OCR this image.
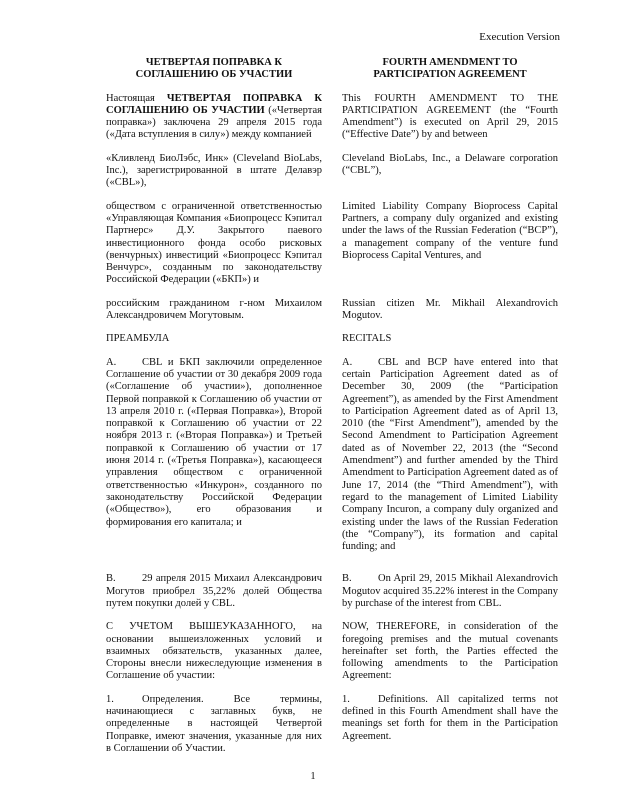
Execution Version
ЧЕТВЕРТАЯ ПОПРАВКА К СОГЛАШЕНИЮ ОБ УЧАСТИИ
FOURTH AMENDMENT TO PARTICIPATION AGREEMENT
Настоящая ЧЕТВЕРТАЯ ПОПРАВКА К СОГЛАШЕНИЮ ОБ УЧАСТИИ («Четвертая поправка») заключена 29 апреля 2015 года («Дата вступления в силу») между компанией
This FOURTH AMENDMENT TO THE PARTICIPATION AGREEMENT (the “Fourth Amendment”) is executed on April 29, 2015 (“Effective Date”) by and between
«Кливленд БиоЛэбс, Инк» (Cleveland BioLabs, Inc.), зарегистрированной в штате Делавэр («CBL»),
Cleveland BioLabs, Inc., a Delaware corporation (“CBL”),
обществом с ограниченной ответственностью «Управляющая Компания «Биопроцесс Кэпитал Партнерс» Д.У. Закрытого паевого инвестиционного фонда особо рисковых (венчурных) инвестиций «Биопроцесс Кэпитал Венчурс», созданным по законодательству Российской Федерации («БКП») и
Limited Liability Company Bioprocess Capital Partners, a company duly organized and existing under the laws of the Russian Federation (“BCP”), a management company of the venture fund Bioprocess Capital Ventures, and
российским гражданином г-ном Михаилом Александровичем Могутовым.
Russian citizen Mr. Mikhail Alexandrovich Mogutov.
ПРЕАМБУЛА	RECITALS
А. CBL и БКП заключили определенное Соглашение об участии от 30 декабря 2009 года («Соглашение об участии»), дополненное Первой поправкой к Соглашению об участии от 13 апреля 2010 г. («Первая Поправка»), Второй поправкой к Соглашению об участии от 22 ноября 2013 г. («Вторая Поправка») и Третьей поправкой к Соглашению об участии от 17 июня 2014 г. («Третья Поправка»), касающееся управления обществом с ограниченной ответственностью «Инкурон», созданного по законодательству Российской Федерации («Общество»), его образования и формирования его капитала; и
A. CBL and BCP have entered into that certain Participation Agreement dated as of December 30, 2009 (the “Participation Agreement”), as amended by the First Amendment to Participation Agreement dated as of April 13, 2010 (the “First Amendment”), amended by the Second Amendment to Participation Agreement dated as of November 22, 2013 (the “Second Amendment”) and further amended by the Third Amendment to Participation Agreement dated as of June 17, 2014 (the “Third Amendment”), with regard to the management of Limited Liability Company Incuron, a company duly organized and existing under the laws of the Russian Federation (the “Company”), its formation and capital funding; and
В.	29 апреля 2015 Михаил Александрович Могутов приобрел 35,22% долей Общества путем покупки долей у CBL.
B.	On April 29, 2015 Mikhail Alexandrovich Mogutov acquired 35.22% interest in the Company by purchase of the interest from CBL.
С УЧЕТОМ ВЫШЕУКАЗАННОГО, на основании вышеизложенных условий и взаимных обязательств, указанных далее, Стороны внесли нижеследующие изменения в Соглашение об участии:
NOW, THEREFORE, in consideration of the foregoing premises and the mutual covenants hereinafter set forth, the Parties effected the following amendments to the Participation Agreement:
1.	Определения. Все термины, начинающиеся с заглавных букв, не определенные в настоящей Четвертой Поправке, имеют значения, указанные для них в Соглашении об Участии.
1.	Definitions. All capitalized terms not defined in this Fourth Amendment shall have the meanings set forth for them in the Participation Agreement.
1
